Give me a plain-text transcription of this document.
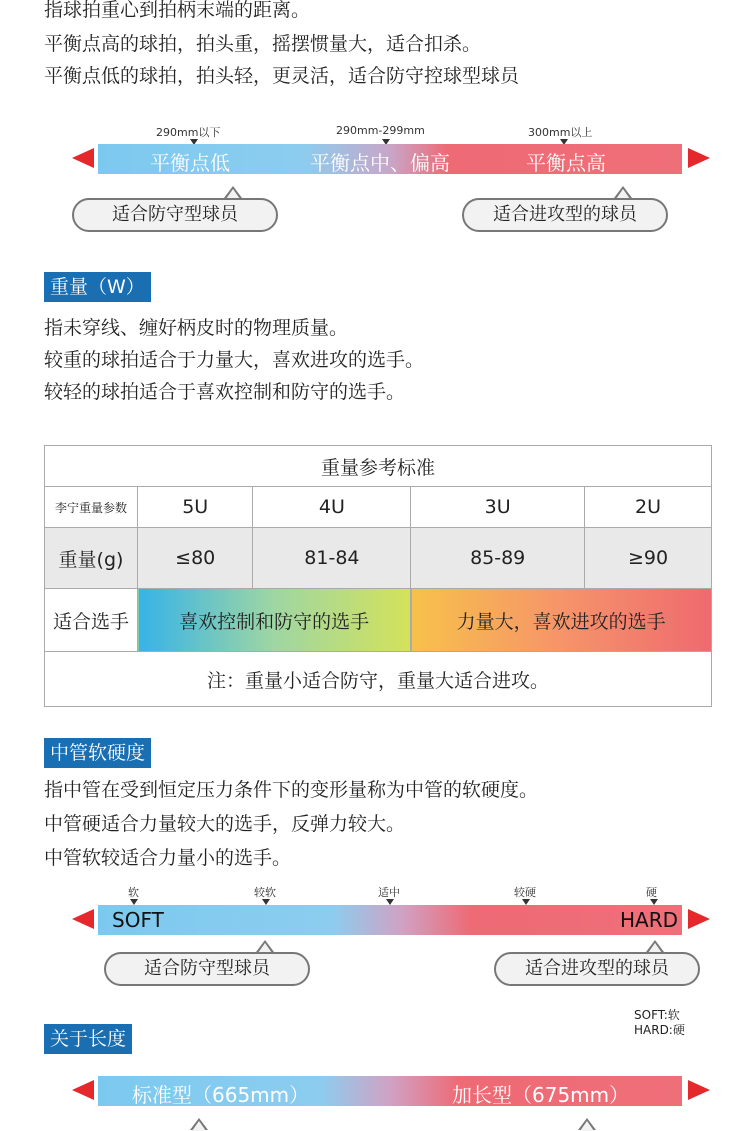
指球拍重心到拍柄末端的距离。
平衡点高的球拍，拍头重，摇摆惯量大，适合扣杀。
平衡点低的球拍，拍头轻，更灵活，适合防守控球型球员
290mm以下	290mm-299mm	300mm以上
平衡点低	平衡点中、偏高	平衡点高
适合防守型球员	适合进攻型的球员
重量（W）
指未穿线、缠好柄皮时的物理质量。
较重的球拍适合于力量大，喜欢进攻的选手。
较轻的球拍适合于喜欢控制和防守的选手。
重量参考标准				
李宁重量参数	5U	4U	3U	2U
重量(g)	≤80	81-84	85-89	≥90
适合选手	喜欢控制和防守的选手		力量大，喜欢进攻的选手	
注：重量小适合防守，重量大适合进攻。				
中管软硬度
指中管在受到恒定压力条件下的变形量称为中管的软硬度。
中管硬适合力量较大的选手，反弹力较大。
中管软较适合力量小的选手。
软	较软	适中	较硬	硬
SOFT	HARD
适合防守型球员	适合进攻型的球员
SOFT:软
HARD:硬
关于长度
标准型（665mm）	加长型（675mm）
